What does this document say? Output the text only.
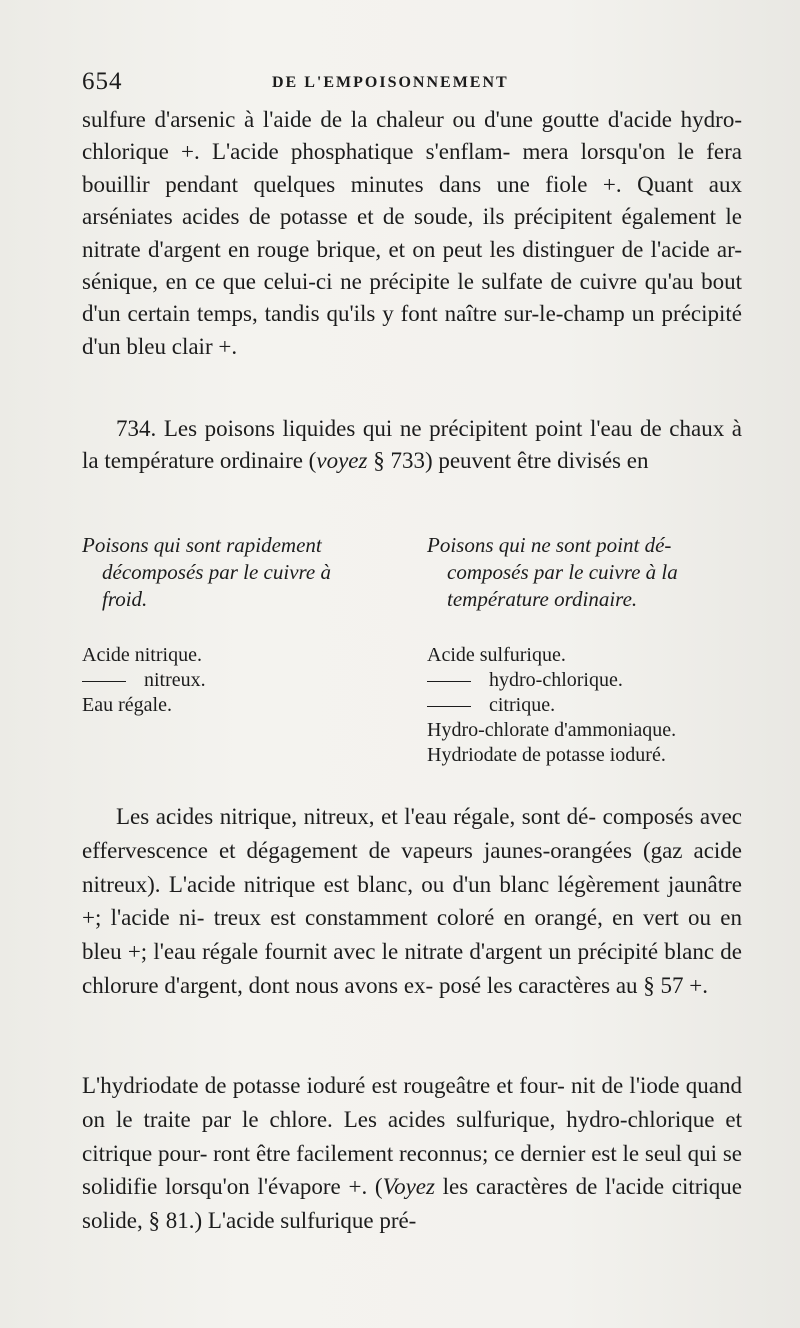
654	DE L'EMPOISONNEMENT

sulfure d'arsenic à l'aide de la chaleur ou d'une goutte d'acide hydro-chlorique +. L'acide phosphatique s'enflam- mera lorsqu'on le fera bouillir pendant quelques minutes dans une fiole +. Quant aux arséniates acides de potasse et de soude, ils précipitent également le nitrate d'argent en rouge brique, et on peut les distinguer de l'acide ar- sénique, en ce que celui-ci ne précipite le sulfate de cuivre qu'au bout d'un certain temps, tandis qu'ils y font naître sur-le-champ un précipité d'un bleu clair +.

734. Les poisons liquides qui ne précipitent point l'eau de chaux à la température ordinaire (voyez § 733) peuvent être divisés en

Poisons qui sont rapidement
décomposés par le cuivre à
froid.

Acide nitrique.
nitreux.
Eau régale.

Poisons qui ne sont point dé-
composés par le cuivre à la
température ordinaire.

Acide sulfurique.
hydro-chlorique.
citrique.
Hydro-chlorate d'ammoniaque.
Hydriodate de potasse ioduré.

Les acides nitrique, nitreux, et l'eau régale, sont dé- composés avec effervescence et dégagement de vapeurs jaunes-orangées (gaz acide nitreux). L'acide nitrique est blanc, ou d'un blanc légèrement jaunâtre +; l'acide ni- treux est constamment coloré en orangé, en vert ou en bleu +; l'eau régale fournit avec le nitrate d'argent un précipité blanc de chlorure d'argent, dont nous avons ex- posé les caractères au § 57 +.

L'hydriodate de potasse ioduré est rougeâtre et four- nit de l'iode quand on le traite par le chlore. Les acides sulfurique, hydro-chlorique et citrique pour- ront être facilement reconnus; ce dernier est le seul qui se solidifie lorsqu'on l'évapore +. (Voyez les caractères de l'acide citrique solide, § 81.) L'acide sulfurique pré-
